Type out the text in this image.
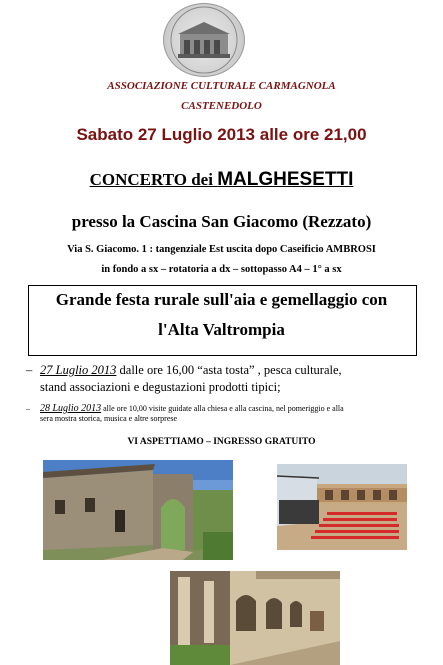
ASSOCIAZIONE CULTURALE CARMAGNOLA
CASTENEDOLO
Sabato 27 Luglio 2013 alle ore 21,00
CONCERTO dei MALGHESETTI
presso la Cascina San Giacomo (Rezzato)
Via S. Giacomo. 1 : tangenziale Est uscita dopo Caseificio AMBROSI
in fondo a sx – rotatoria a dx – sottopasso A4 – 1° a sx
Grande festa rurale sull'aia e gemellaggio con
l'Alta Valtrompia
– 27 Luglio 2013 dalle ore 16,00 “asta tosta” , pesca culturale,
stand associazioni e degustazioni prodotti tipici;
– 28 Luglio 2013 alle ore 10,00 visite guidate alla chiesa e alla cascina, nel pomeriggio e alla
sera mostra storica, musica e altre sorprese
VI ASPETTIAMO – INGRESSO GRATUITO
